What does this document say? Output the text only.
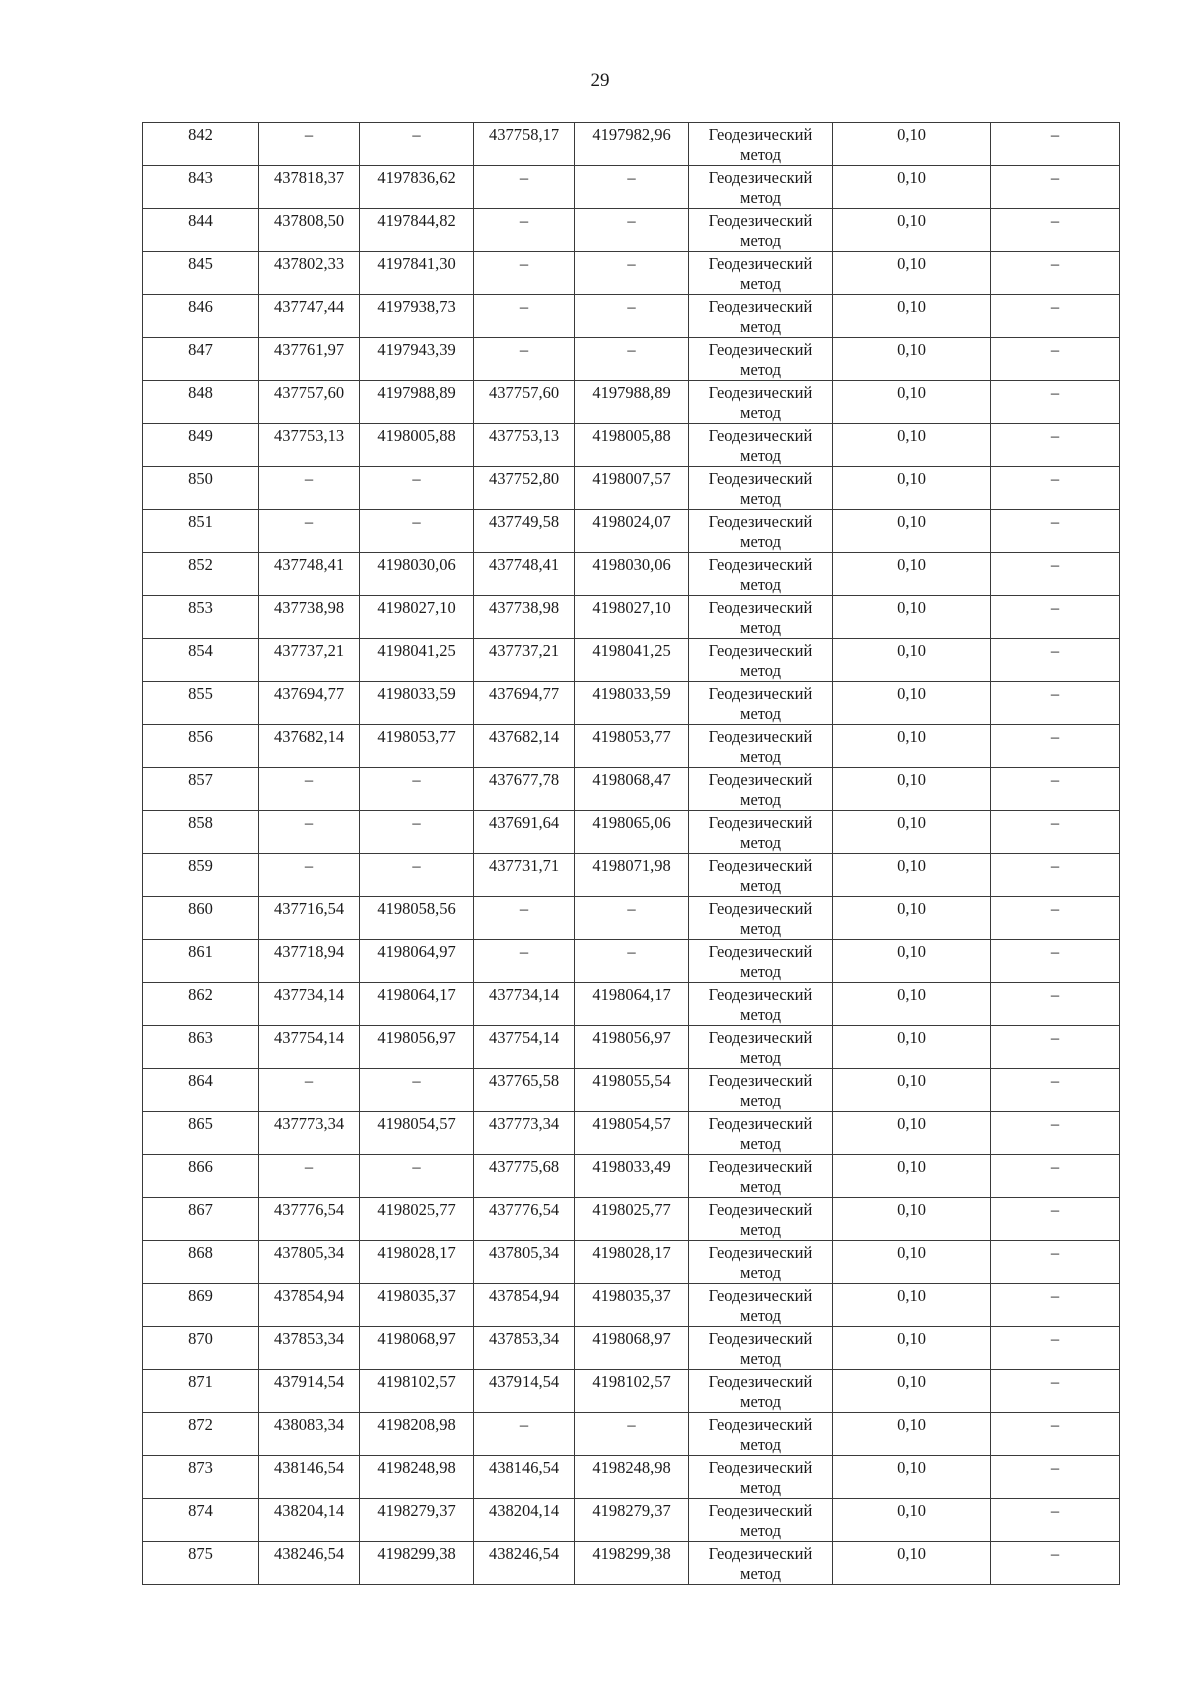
29
842	–	–	437758,17	4197982,96	Геодезический метод	0,10	–

843	437818,37	4197836,62	–	–	Геодезический метод	0,10	–

844	437808,50	4197844,82	–	–	Геодезический метод	0,10	–

845	437802,33	4197841,30	–	–	Геодезический метод	0,10	–

846	437747,44	4197938,73	–	–	Геодезический метод	0,10	–

847	437761,97	4197943,39	–	–	Геодезический метод	0,10	–

848	437757,60	4197988,89	437757,60	4197988,89	Геодезический метод	0,10	–

849	437753,13	4198005,88	437753,13	4198005,88	Геодезический метод	0,10	–

850	–	–	437752,80	4198007,57	Геодезический метод	0,10	–

851	–	–	437749,58	4198024,07	Геодезический метод	0,10	–

852	437748,41	4198030,06	437748,41	4198030,06	Геодезический метод	0,10	–

853	437738,98	4198027,10	437738,98	4198027,10	Геодезический метод	0,10	–

854	437737,21	4198041,25	437737,21	4198041,25	Геодезический метод	0,10	–

855	437694,77	4198033,59	437694,77	4198033,59	Геодезический метод	0,10	–

856	437682,14	4198053,77	437682,14	4198053,77	Геодезический метод	0,10	–

857	–	–	437677,78	4198068,47	Геодезический метод	0,10	–

858	–	–	437691,64	4198065,06	Геодезический метод	0,10	–

859	–	–	437731,71	4198071,98	Геодезический метод	0,10	–

860	437716,54	4198058,56	–	–	Геодезический метод	0,10	–

861	437718,94	4198064,97	–	–	Геодезический метод	0,10	–

862	437734,14	4198064,17	437734,14	4198064,17	Геодезический метод	0,10	–

863	437754,14	4198056,97	437754,14	4198056,97	Геодезический метод	0,10	–

864	–	–	437765,58	4198055,54	Геодезический метод	0,10	–

865	437773,34	4198054,57	437773,34	4198054,57	Геодезический метод	0,10	–

866	–	–	437775,68	4198033,49	Геодезический метод	0,10	–

867	437776,54	4198025,77	437776,54	4198025,77	Геодезический метод	0,10	–

868	437805,34	4198028,17	437805,34	4198028,17	Геодезический метод	0,10	–

869	437854,94	4198035,37	437854,94	4198035,37	Геодезический метод	0,10	–

870	437853,34	4198068,97	437853,34	4198068,97	Геодезический метод	0,10	–

871	437914,54	4198102,57	437914,54	4198102,57	Геодезический метод	0,10	–

872	438083,34	4198208,98	–	–	Геодезический метод	0,10	–

873	438146,54	4198248,98	438146,54	4198248,98	Геодезический метод	0,10	–

874	438204,14	4198279,37	438204,14	4198279,37	Геодезический метод	0,10	–

875	438246,54	4198299,38	438246,54	4198299,38	Геодезический метод	0,10	–
